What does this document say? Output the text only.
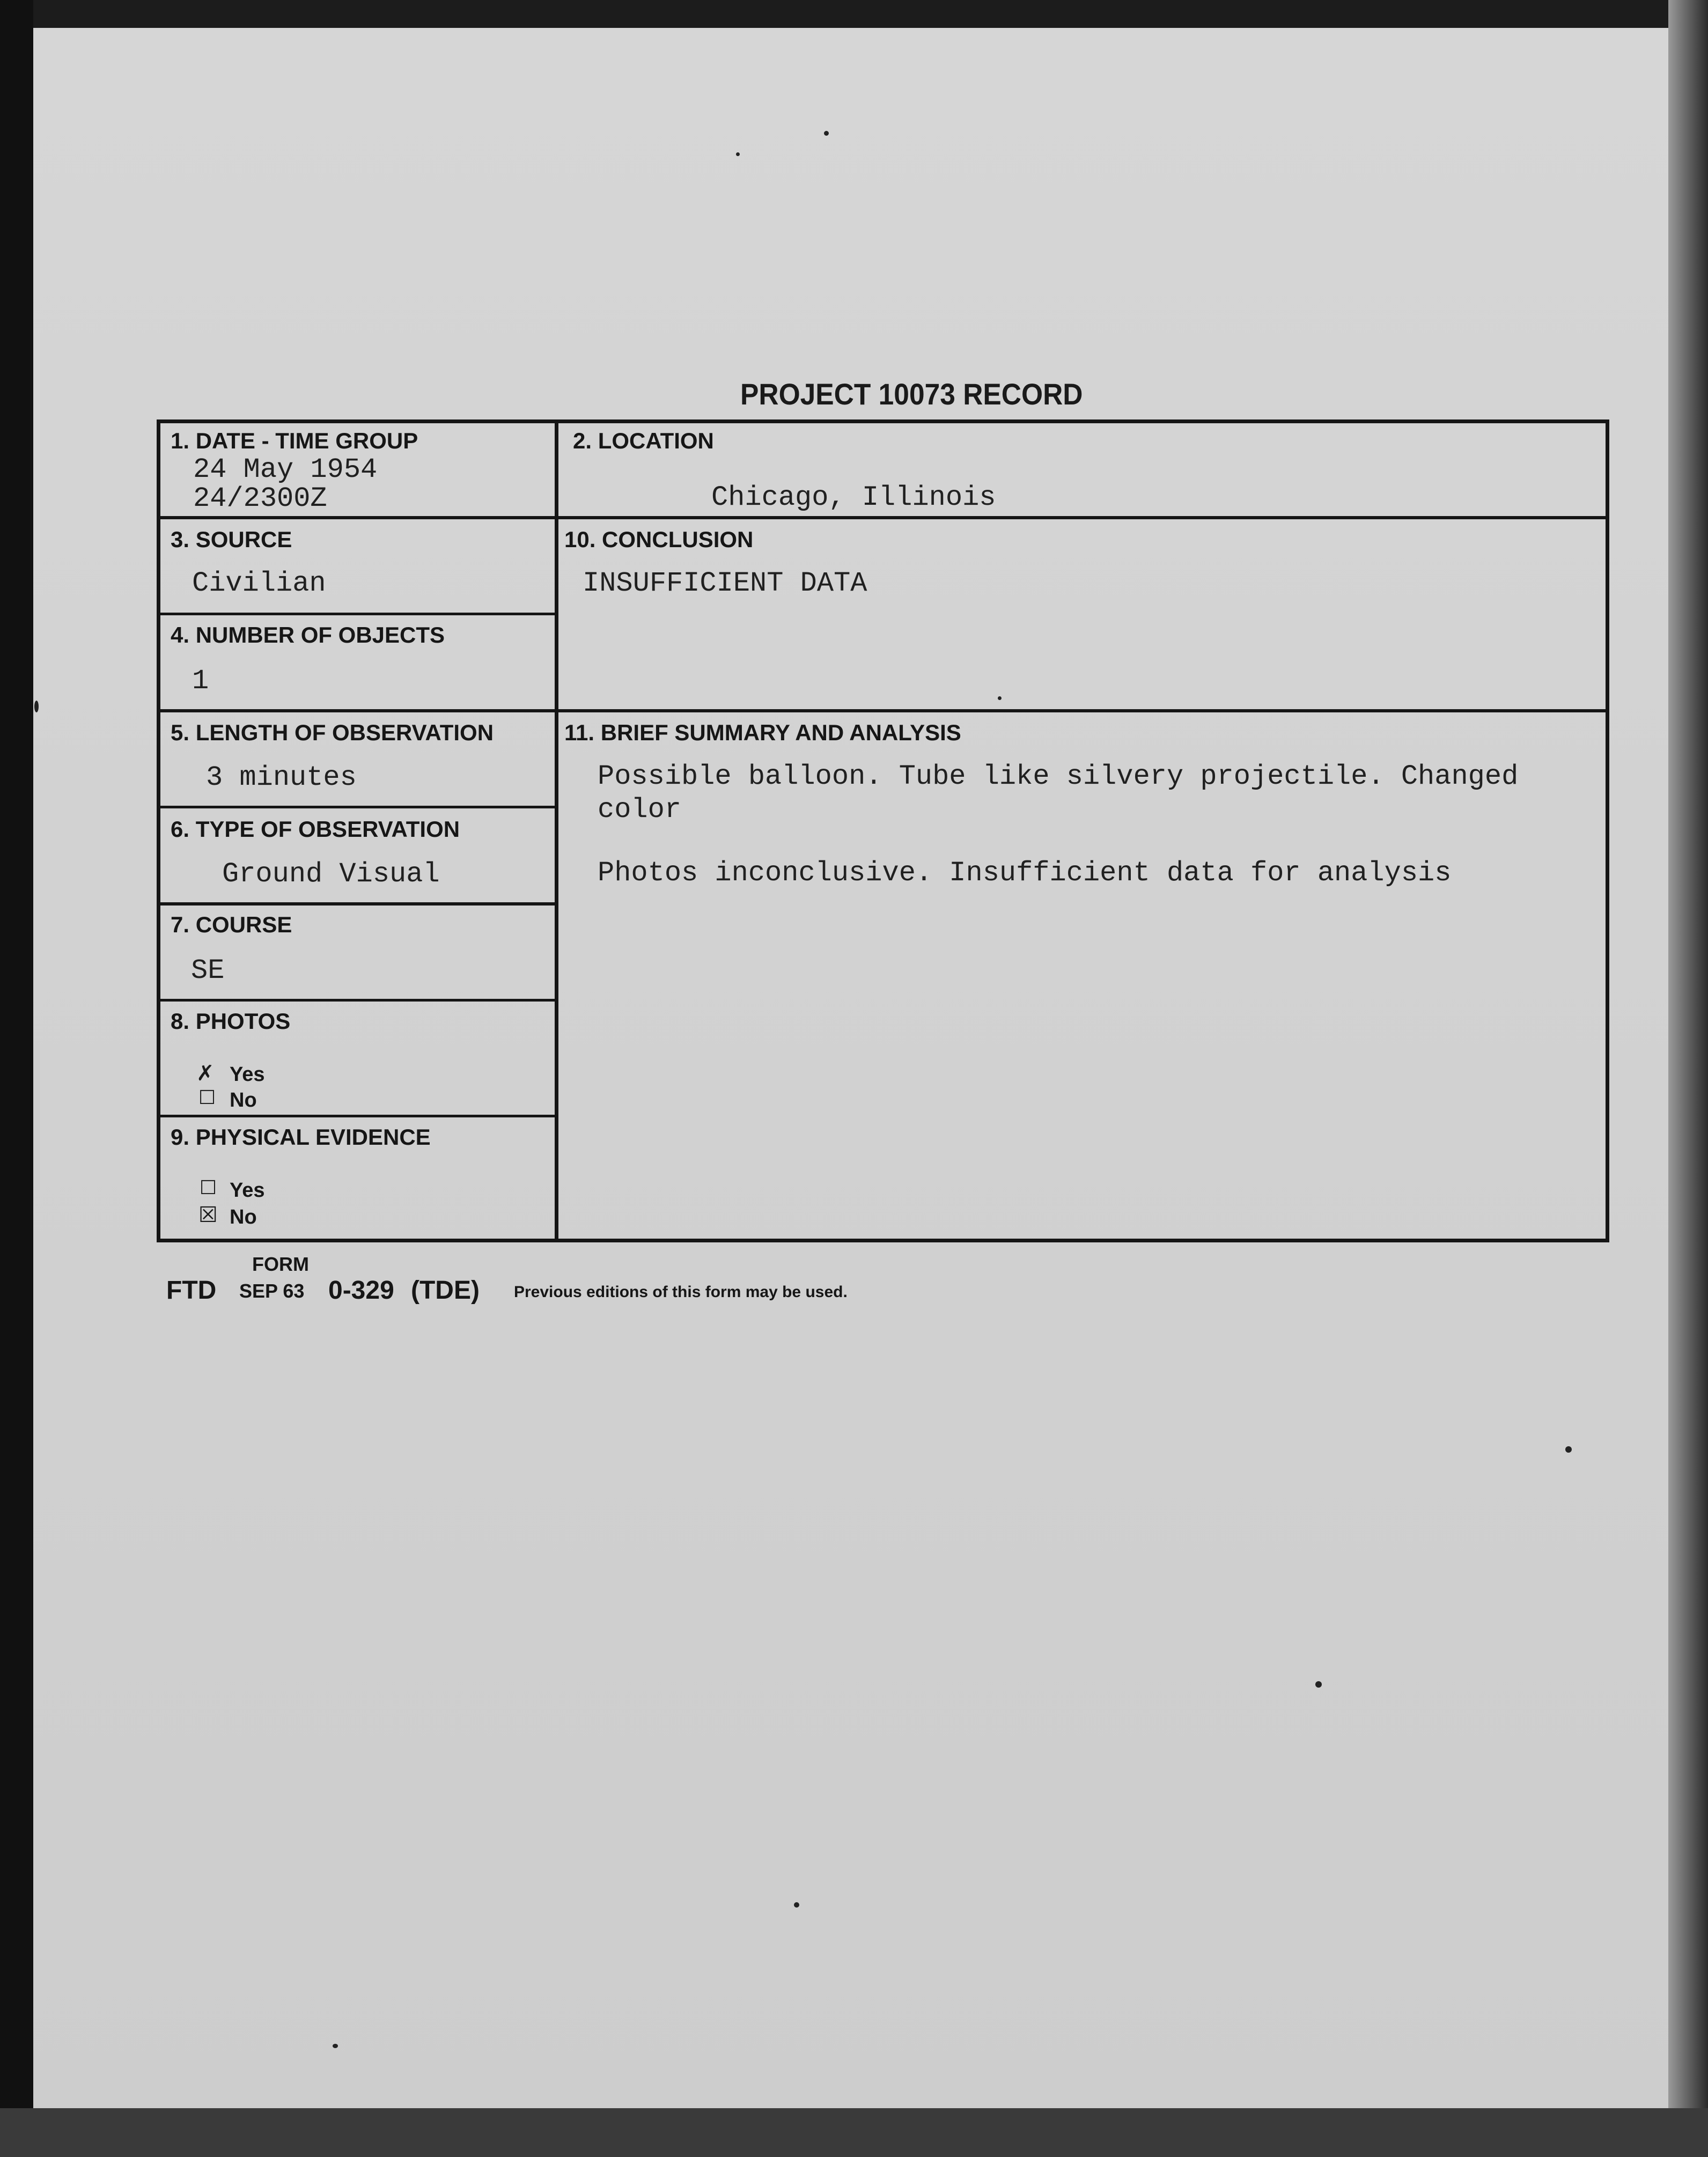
PROJECT 10073 RECORD
1. DATE - TIME GROUP
24 May 1954
24/2300Z
2. LOCATION
Chicago, Illinois
3. SOURCE
Civilian
10. CONCLUSION
INSUFFICIENT DATA
4. NUMBER OF OBJECTS
1
5. LENGTH OF OBSERVATION
3 minutes
11. BRIEF SUMMARY AND ANALYSIS
Possible balloon. Tube like silvery projectile. Changed
color
Photos inconclusive. Insufficient data for analysis
6. TYPE OF OBSERVATION
Ground Visual
7. COURSE
SE
8. PHOTOS
✗ Yes
☐ No
9. PHYSICAL EVIDENCE
☐ Yes
☒ No
FTD
FORM
SEP 63 0-329 (TDE) Previous editions of this form may be used.
